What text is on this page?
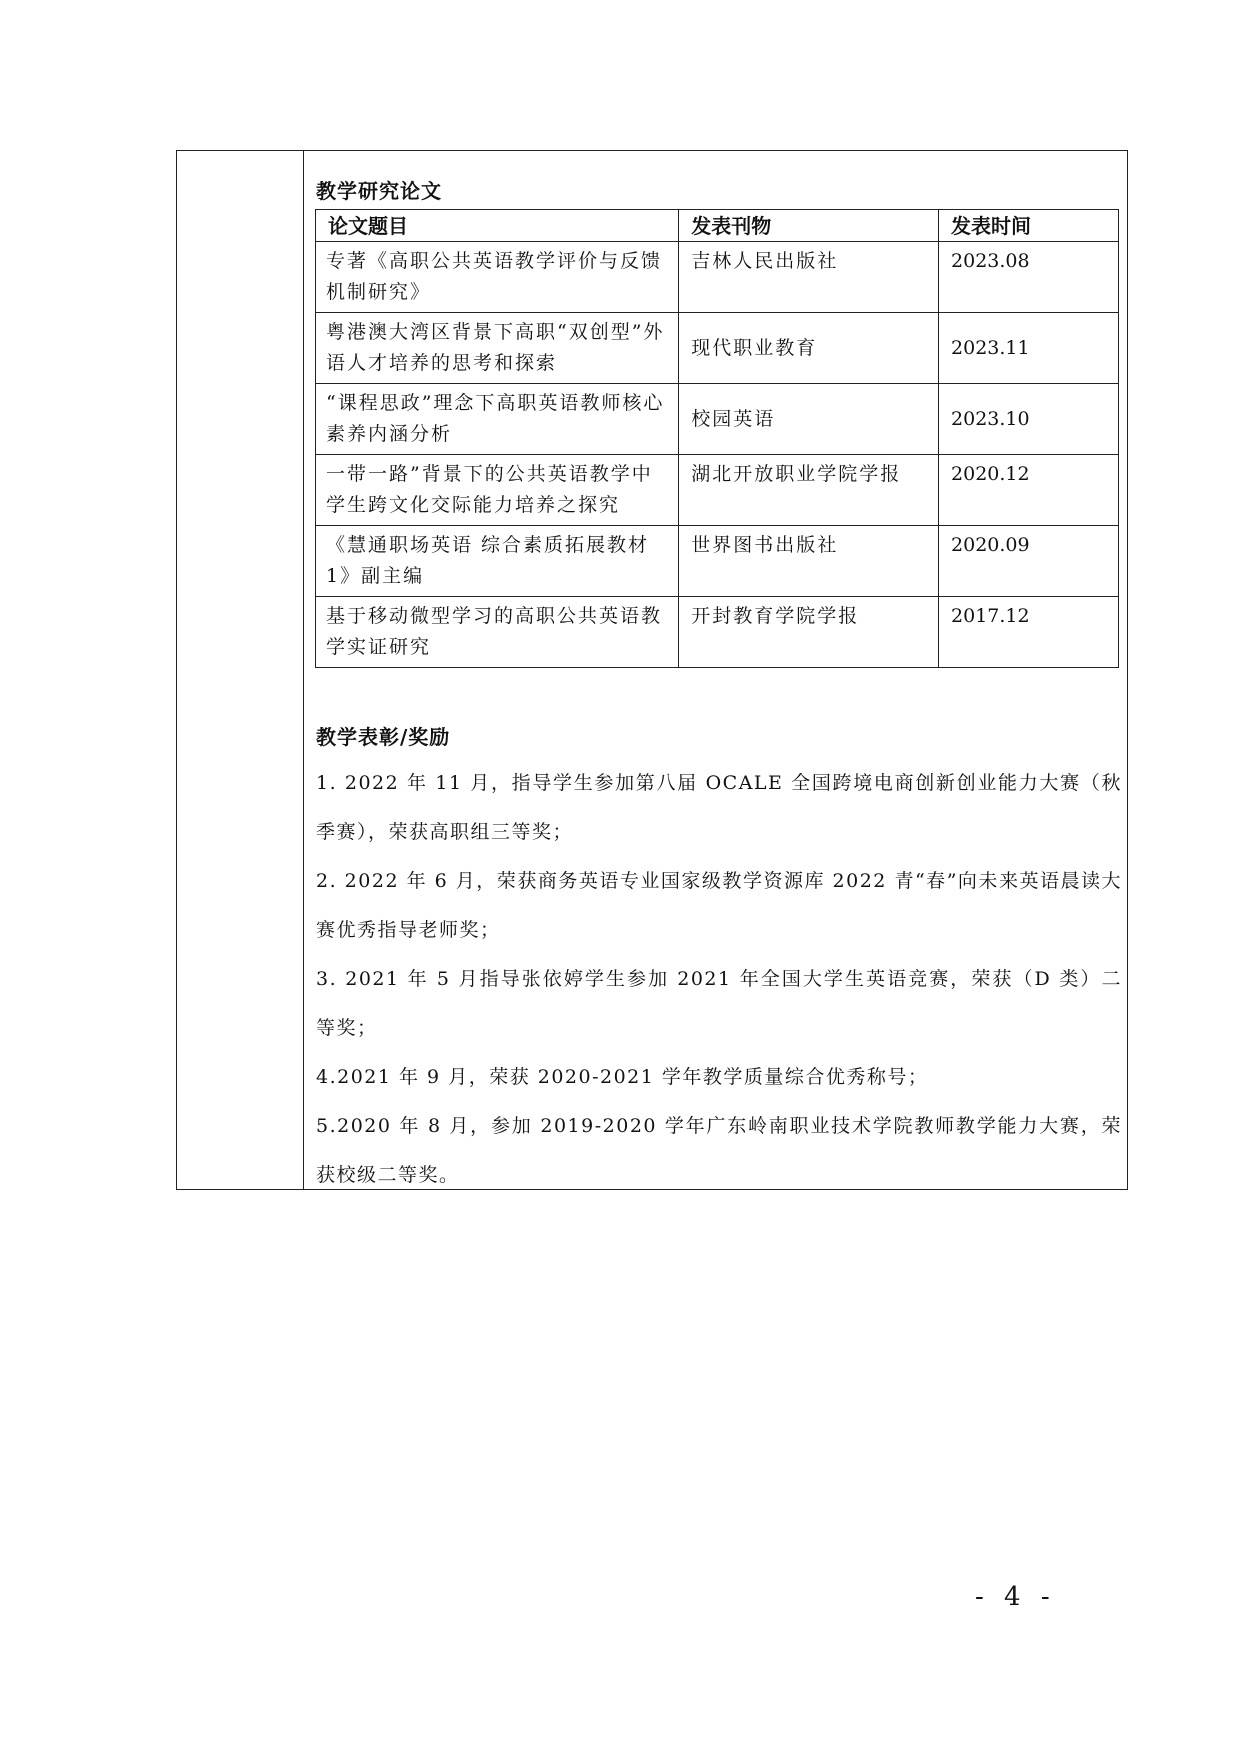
教学研究论文
论文题目	发表刊物	发表时间
专著《高职公共英语教学评价与反馈机制研究》	吉林人民出版社	2023.08
粤港澳大湾区背景下高职“双创型”外语人才培养的思考和探索	现代职业教育	2023.11
“课程思政”理念下高职英语教师核心素养内涵分析	校园英语	2023.10
一带一路”背景下的公共英语教学中学生跨文化交际能力培养之探究	湖北开放职业学院学报	2020.12
《慧通职场英语 综合素质拓展教材 1》副主编	世界图书出版社	2020.09
基于移动微型学习的高职公共英语教学实证研究	开封教育学院学报	2017.12
教学表彰/奖励

1. 2022 年 11 月，指导学生参加第八届 OCALE 全国跨境电商创新创业能力大赛（秋季赛），荣获高职组三等奖；

2. 2022 年 6 月，荣获商务英语专业国家级教学资源库 2022 青“春”向未来英语晨读大赛优秀指导老师奖；

3. 2021 年 5 月指导张依婷学生参加 2021 年全国大学生英语竞赛，荣获（D 类）二等奖；

4.2021 年 9 月，荣获 2020-2021 学年教学质量综合优秀称号；

5.2020 年 8 月，参加 2019-2020 学年广东岭南职业技术学院教师教学能力大赛，荣获校级二等奖。

- 4 -
